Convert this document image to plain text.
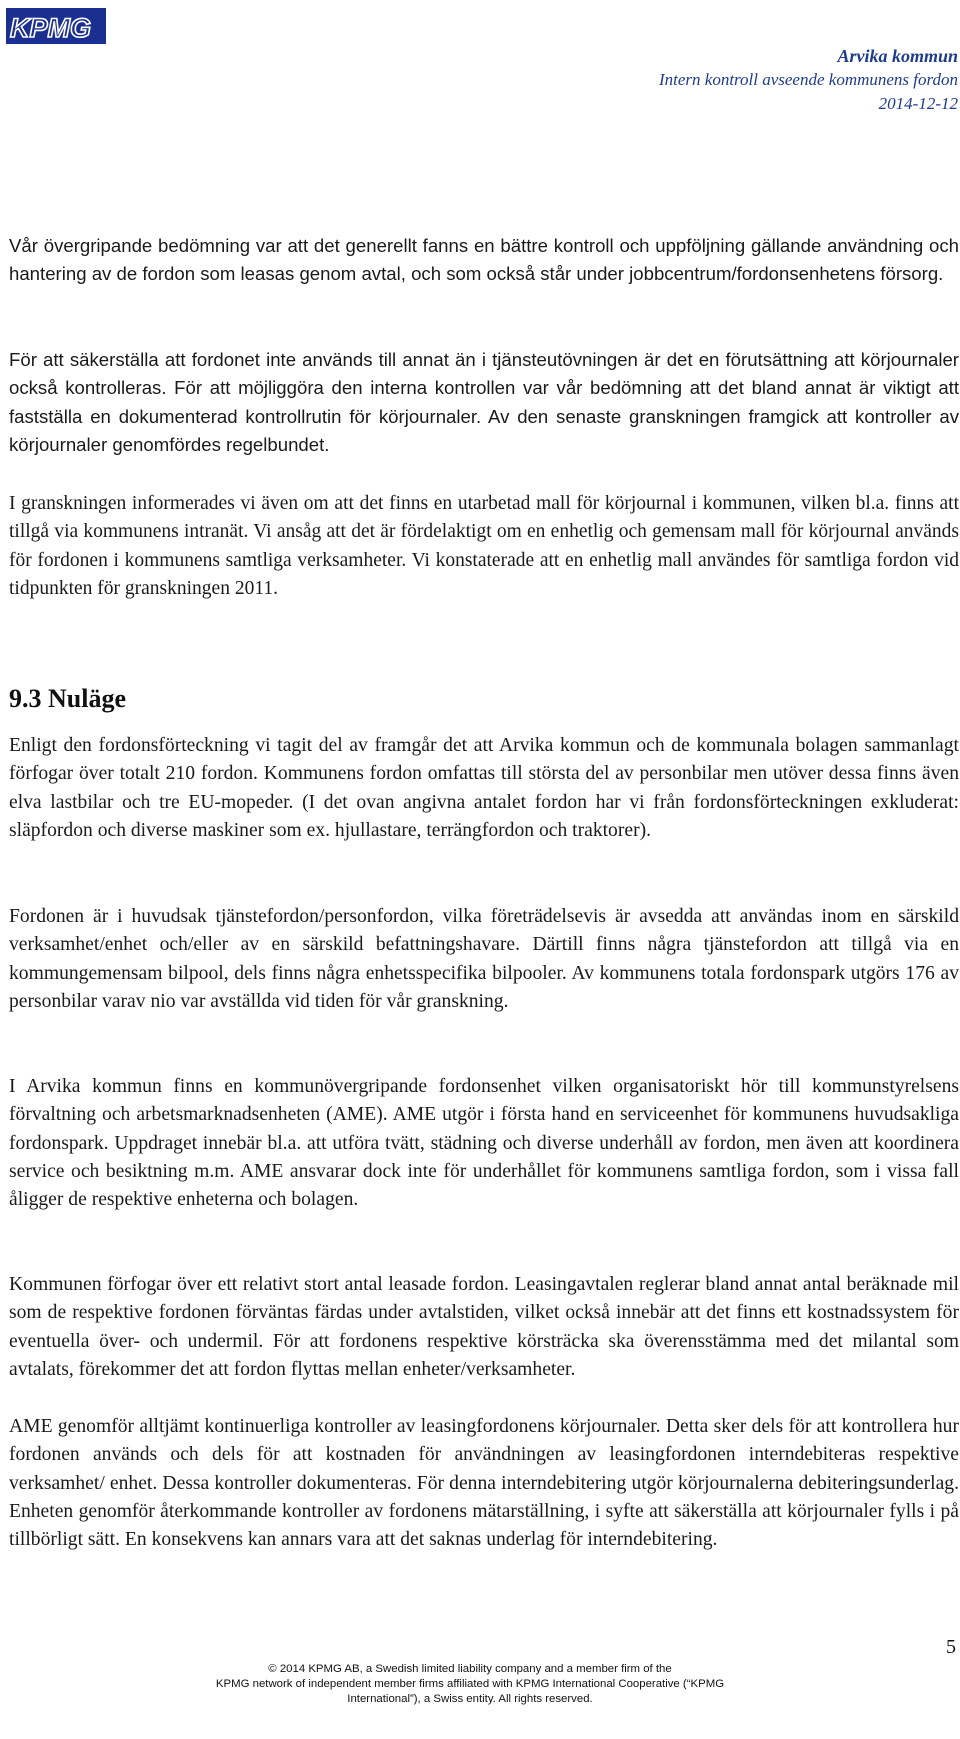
KPMG
Arvika kommun
Intern kontroll avseende kommunens fordon
2014-12-12

Vår övergripande bedömning var att det generellt fanns en bättre kontroll och uppföljning gällande användning och hantering av de fordon som leasas genom avtal, och som också står under jobbcentrum/fordonsenhetens försorg.

För att säkerställa att fordonet inte används till annat än i tjänsteutövningen är det en förutsättning att körjournaler också kontrolleras. För att möjliggöra den interna kontrollen var vår bedömning att det bland annat är viktigt att fastställa en dokumenterad kontrollrutin för körjournaler. Av den senaste granskningen framgick att kontroller av körjournaler genomfördes regelbundet.

I granskningen informerades vi även om att det finns en utarbetad mall för körjournal i kommunen, vilken bl.a. finns att tillgå via kommunens intranät. Vi ansåg att det är fördelaktigt om en enhetlig och gemensam mall för körjournal används för fordonen i kommunens samtliga verksamheter. Vi konstaterade att en enhetlig mall användes för samtliga fordon vid tidpunkten för granskningen 2011.

9.3 Nuläge

Enligt den fordonsförteckning vi tagit del av framgår det att Arvika kommun och de kommunala bolagen sammanlagt förfogar över totalt 210 fordon. Kommunens fordon omfattas till största del av personbilar men utöver dessa finns även elva lastbilar och tre EU-mopeder. (I det ovan angivna antalet fordon har vi från fordonsförteckningen exkluderat: släpfordon och diverse maskiner som ex. hjullastare, terrängfordon och traktorer).

Fordonen är i huvudsak tjänstefordon/personfordon, vilka företrädelsevis är avsedda att användas inom en särskild verksamhet/enhet och/eller av en särskild befattningshavare. Därtill finns några tjänstefordon att tillgå via en kommungemensam bilpool, dels finns några enhetsspecifika bilpooler. Av kommunens totala fordonspark utgörs 176 av personbilar varav nio var avställda vid tiden för vår granskning.

I Arvika kommun finns en kommunövergripande fordonsenhet vilken organisatoriskt hör till kommunstyrelsens förvaltning och arbetsmarknadsenheten (AME). AME utgör i första hand en serviceenhet för kommunens huvudsakliga fordonspark. Uppdraget innebär bl.a. att utföra tvätt, städning och diverse underhåll av fordon, men även att koordinera service och besiktning m.m. AME ansvarar dock inte för underhållet för kommunens samtliga fordon, som i vissa fall åligger de respektive enheterna och bolagen.

Kommunen förfogar över ett relativt stort antal leasade fordon. Leasingavtalen reglerar bland annat antal beräknade mil som de respektive fordonen förväntas färdas under avtalstiden, vilket också innebär att det finns ett kostnadssystem för eventuella över- och undermil. För att fordonens respektive körsträcka ska överensstämma med det milantal som avtalats, förekommer det att fordon flyttas mellan enheter/verksamheter.

AME genomför alltjämt kontinuerliga kontroller av leasingfordonens körjournaler. Detta sker dels för att kontrollera hur fordonen används och dels för att kostnaden för användningen av leasingfordonen interndebiteras respektive verksamhet/ enhet. Dessa kontroller dokumenteras. För denna interndebitering utgör körjournalerna debiteringsunderlag. Enheten genomför återkommande kontroller av fordonens mätarställning, i syfte att säkerställa att körjournaler fylls i på tillbörligt sätt. En konsekvens kan annars vara att det saknas underlag för interndebitering.

5
© 2014 KPMG AB, a Swedish limited liability company and a member firm of the
KPMG network of independent member firms affiliated with KPMG International Cooperative (“KPMG International”), a Swiss entity. All rights reserved.
